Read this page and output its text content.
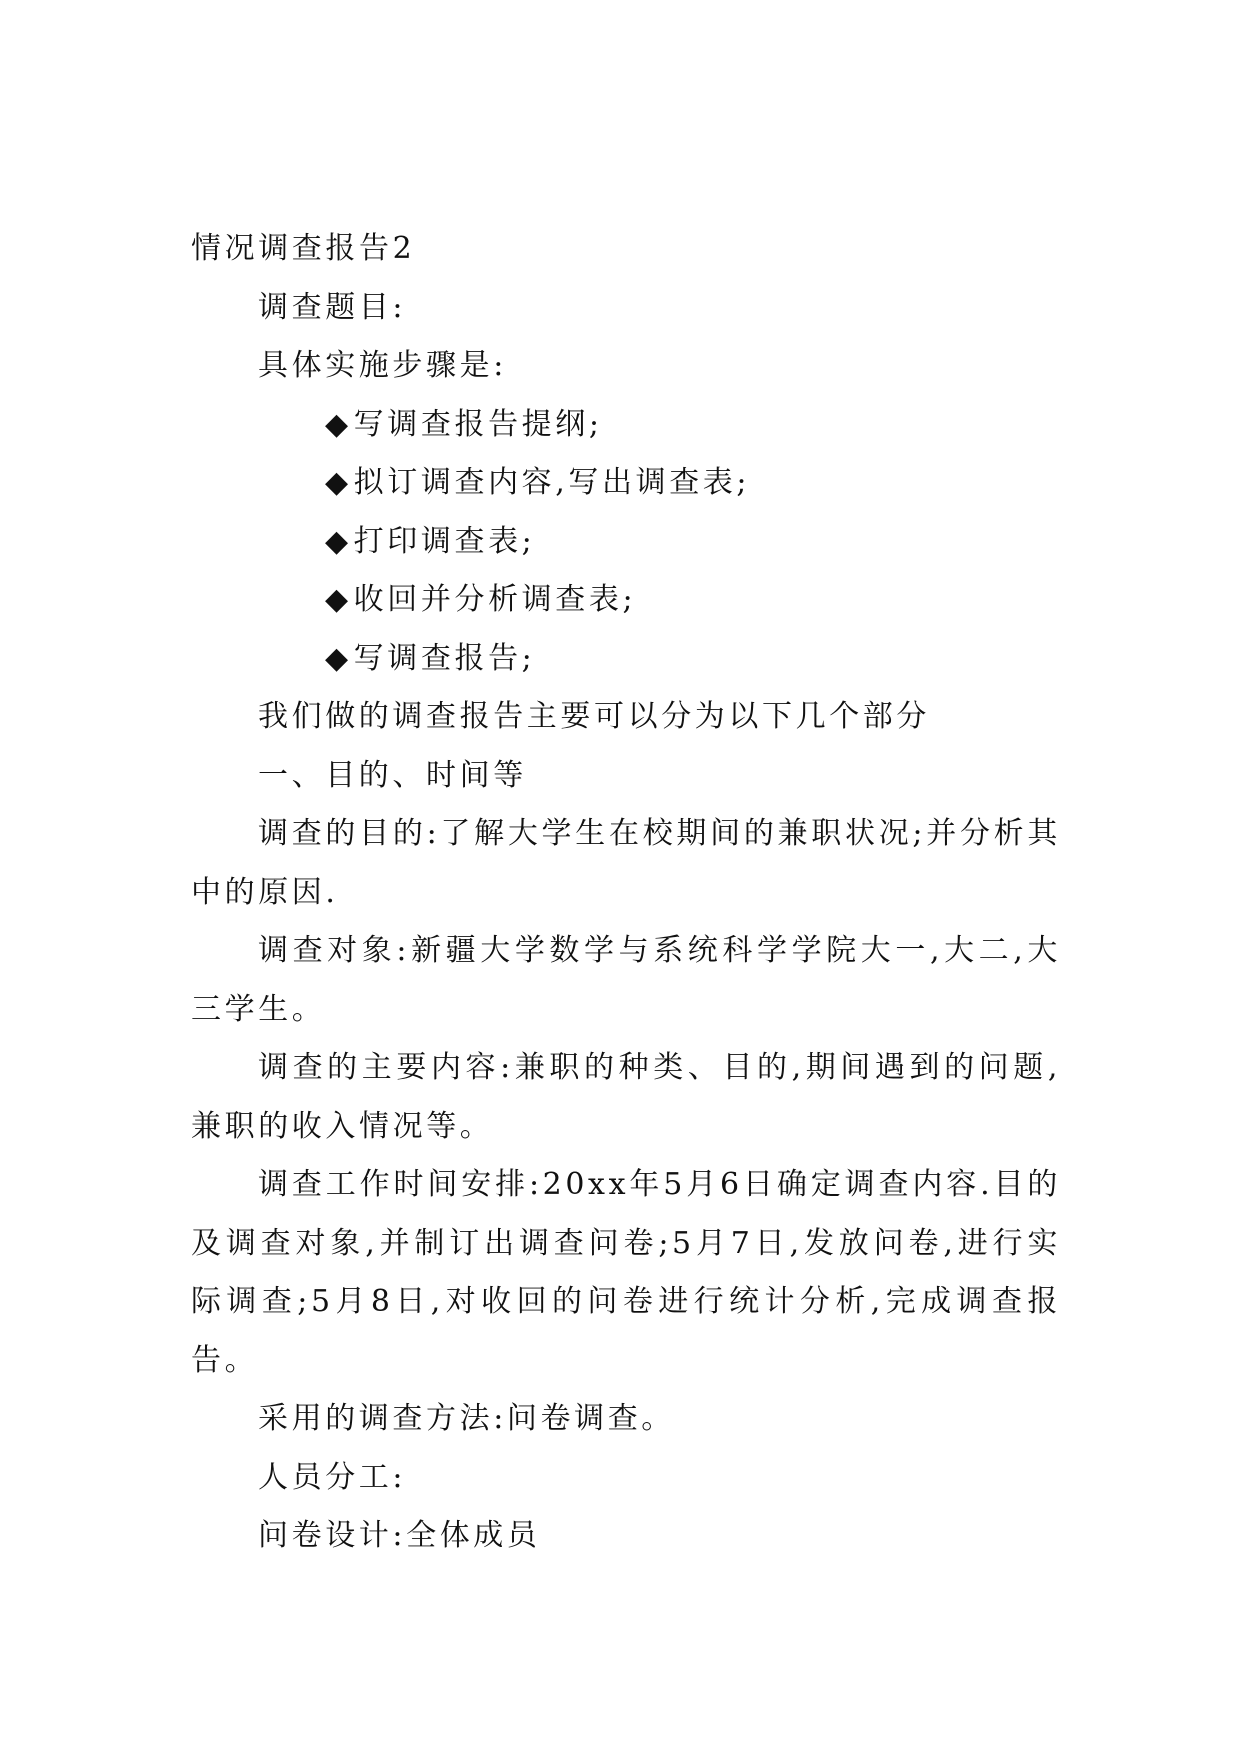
情况调查报告2

调查题目:

具体实施步骤是:

◆写调查报告提纲;

◆拟订调查内容,写出调查表;

◆打印调查表;

◆收回并分析调查表;

◆写调查报告;

我们做的调查报告主要可以分为以下几个部分

一、目的、时间等

调查的目的:了解大学生在校期间的兼职状况;并分析其中的原因.

调查对象:新疆大学数学与系统科学学院大一,大二,大三学生。

调查的主要内容:兼职的种类、目的,期间遇到的问题,兼职的收入情况等。

调查工作时间安排:20xx年5月6日确定调查内容.目的及调查对象,并制订出调查问卷;5月7日,发放问卷,进行实际调查;5月8日,对收回的问卷进行统计分析,完成调查报告。

采用的调查方法:问卷调查。

人员分工:

问卷设计:全体成员
